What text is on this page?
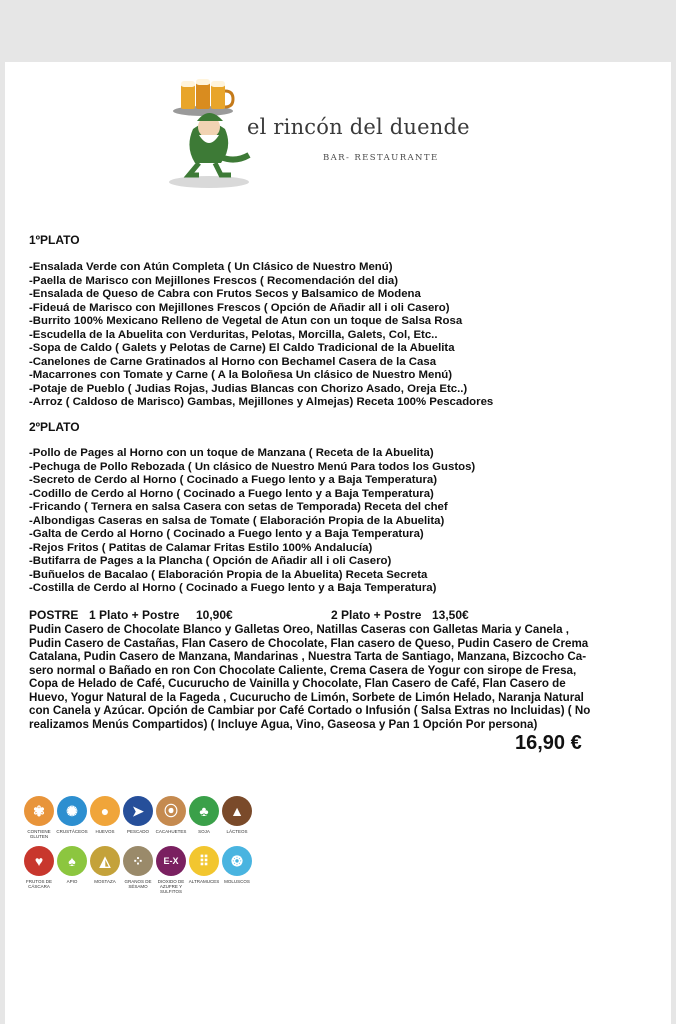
el rincón del duende
BAR- RESTAURANTE
1ºPLATO
-Ensalada Verde con Atún Completa ( Un Clásico de Nuestro Menú)
-Paella de Marisco con Mejillones Frescos ( Recomendación del dia)
-Ensalada de Queso de Cabra con Frutos Secos y Balsamico de Modena
-Fideuá de Marisco con Mejillones Frescos ( Opción de Añadir all i oli Casero)
-Burrito 100% Mexicano Relleno de Vegetal de Atun con un toque de Salsa Rosa
-Escudella de la Abuelita con Verduritas, Pelotas, Morcilla, Galets, Col, Etc..
-Sopa de Caldo ( Galets y Pelotas de Carne) El Caldo Tradicional de la Abuelita
-Canelones de Carne Gratinados al Horno con Bechamel Casera de la Casa
-Macarrones con Tomate y Carne ( A la Boloñesa Un clásico de Nuestro Menú)
-Potaje de Pueblo ( Judias Rojas, Judias Blancas con Chorizo Asado, Oreja Etc..)
-Arroz ( Caldoso de Marisco) Gambas, Mejillones y Almejas) Receta 100% Pescadores
2ºPLATO
-Pollo de Pages al Horno con un toque de Manzana ( Receta de la Abuelita)
-Pechuga de Pollo Rebozada ( Un clásico de Nuestro Menú Para todos los Gustos)
-Secreto de Cerdo al Horno ( Cocinado a Fuego lento y a Baja Temperatura)
-Codillo de Cerdo al Horno ( Cocinado a Fuego lento y a Baja Temperatura)
-Fricando ( Ternera en salsa Casera con setas de Temporada) Receta del chef
-Albondigas Caseras en salsa de Tomate ( Elaboración Propia de la Abuelita)
-Galta de Cerdo al Horno ( Cocinado a Fuego lento y a Baja Temperatura)
-Rejos Fritos ( Patitas de Calamar Fritas Estilo 100% Andalucía)
-Butifarra de Pages a la Plancha ( Opción de Añadir all i oli Casero)
-Buñuelos de Bacalao ( Elaboración Propia de la Abuelita) Receta Secreta
-Costilla de Cerdo al Horno ( Cocinado a Fuego lento y a Baja Temperatura)
POSTRE 1 Plato + Postre 10,90€	2 Plato + Postre 13,50€

Pudin Casero de Chocolate Blanco y Galletas Oreo, Natillas Caseras con Galletas Maria y Canela ,
Pudin Casero de Castañas, Flan Casero de Chocolate, Flan casero de Queso, Pudin Casero de Crema
Catalana, Pudin Casero de Manzana, Mandarinas , Nuestra Tarta de Santiago, Manzana, Bizcocho Ca-
sero normal o Bañado en ron Con Chocolate Caliente, Crema Casera de Yogur con sirope de Fresa,
Copa de Helado de Café, Cucurucho de Vainilla y Chocolate, Flan Casero de Café, Flan Casero de
Huevo, Yogur Natural de la Fageda , Cucurucho de Limón, Sorbete de Limón Helado, Naranja Natural
con Canela y Azúcar. Opción de Cambiar por Café Cortado o Infusión ( Salsa Extras no Incluidas) ( No
realizamos Menús Compartidos) ( Incluye Agua, Vino, Gaseosa y Pan 1 Opción Por persona)

16,90 €
✾
CONTIENE GLUTEN
✺
CRUSTÁCEOS
●
HUEVOS
➤
PESCADO
⦿
CACAHUETES
♣
SOJA
▲
LÁCTEOS
♥
FRUTOS DE CÁSCARA
♠
APIO
◭
MOSTAZA
⁘
GRANOS DE SÉSAMO
E-X
DIOXIDO DE AZUFRE Y SULFITOS
⠿
ALTRAMUCES
❂
MOLUSCOS
